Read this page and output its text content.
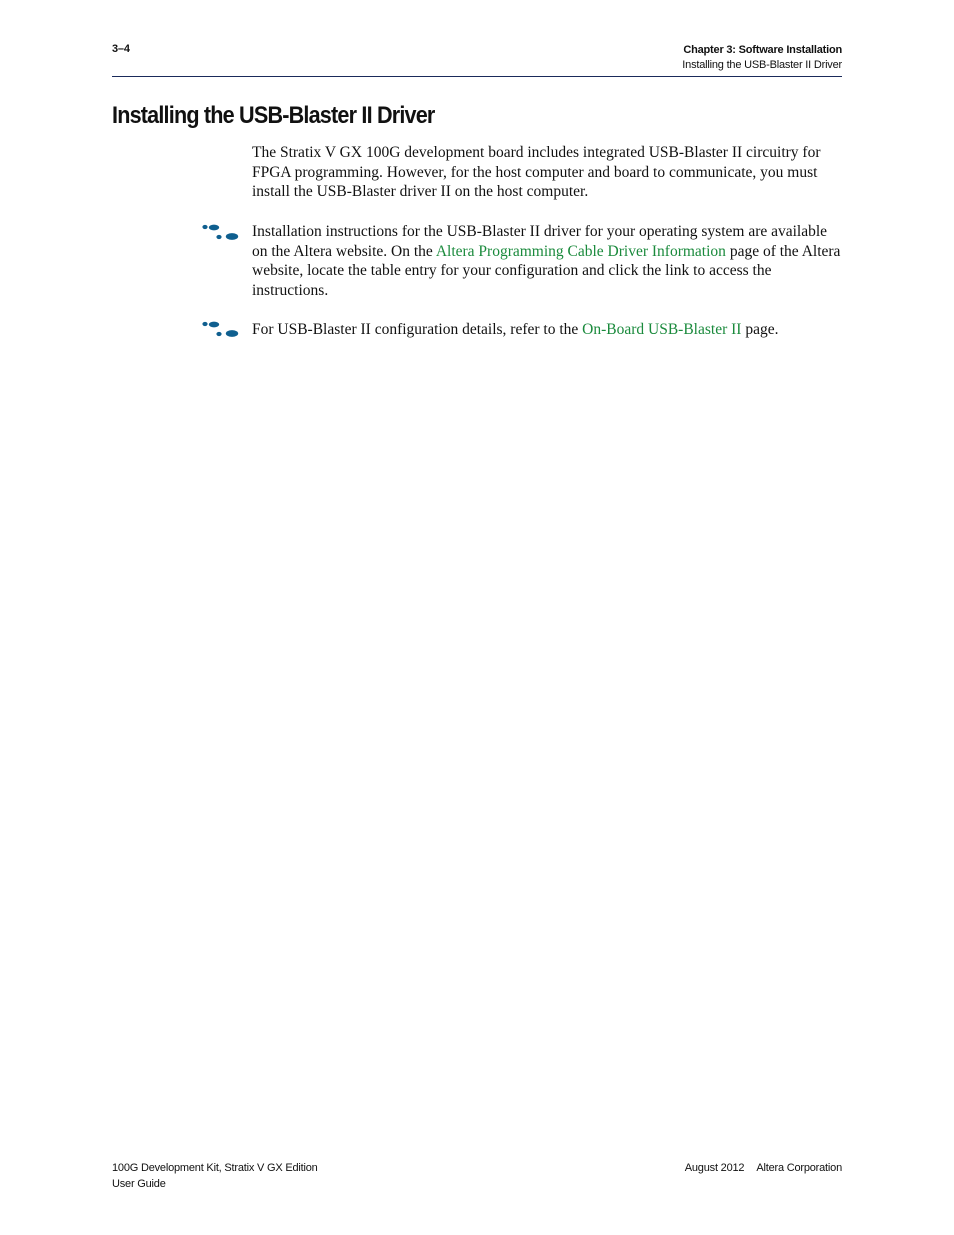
3–4	Chapter 3: Software Installation
Installing the USB-Blaster II Driver
Installing the USB-Blaster II Driver

The Stratix V GX 100G development board includes integrated USB-Blaster II circuitry for FPGA programming. However, for the host computer and board to communicate, you must install the USB-Blaster driver II on the host computer.

Installation instructions for the USB-Blaster II driver for your operating system are available on the Altera website. On the Altera Programming Cable Driver Information page of the Altera website, locate the table entry for your configuration and click the link to access the instructions.

For USB-Blaster II configuration details, refer to the On-Board USB-Blaster II page.

100G Development Kit, Stratix V GX Edition
User Guide
August 2012 Altera Corporation
